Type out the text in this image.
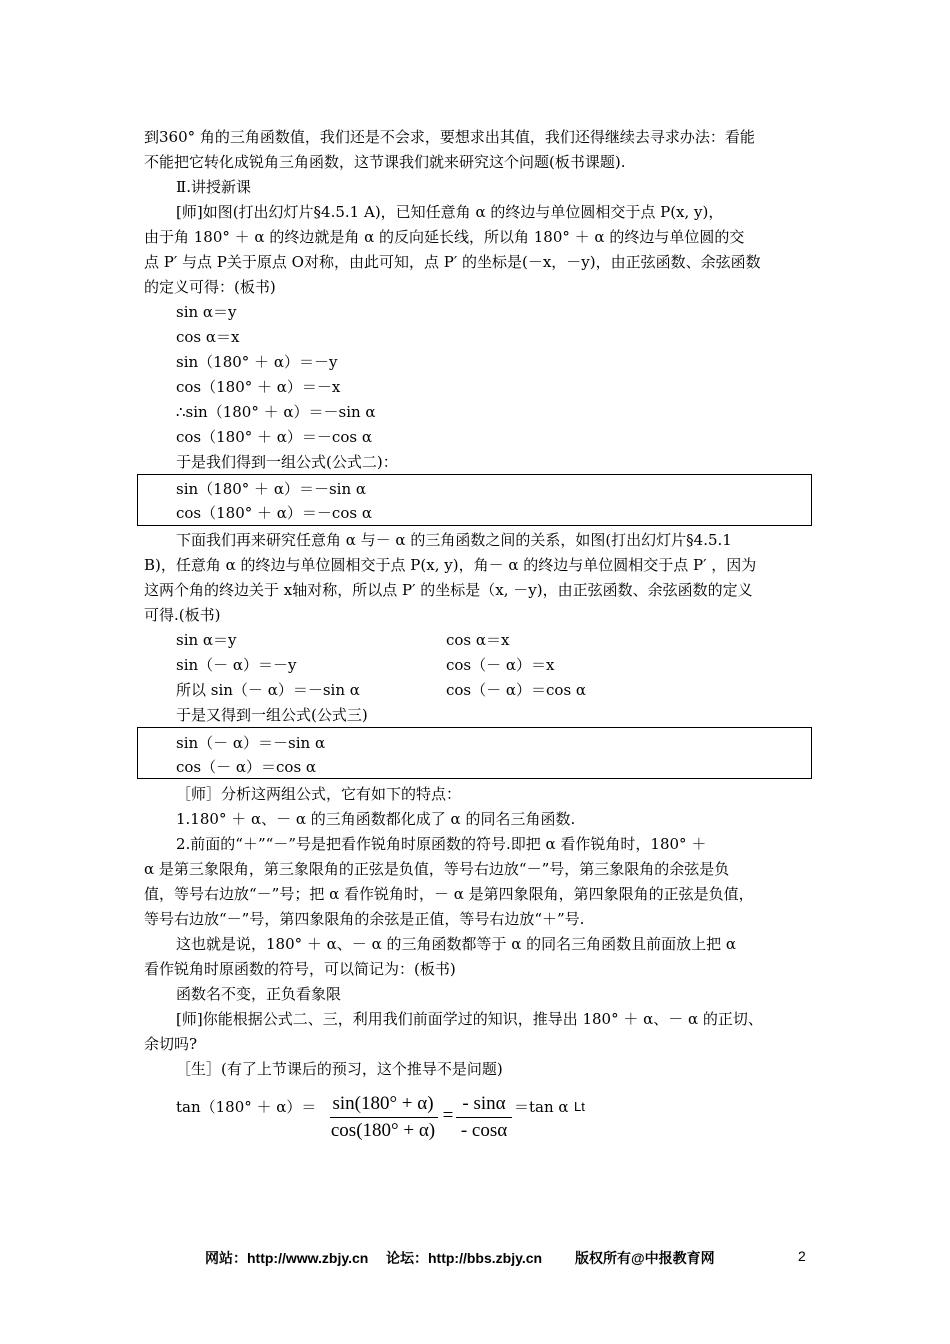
到360° 角的三角函数值，我们还是不会求，要想求出其值，我们还得继续去寻求办法：看能
不能把它转化成锐角三角函数，这节课我们就来研究这个问题(板书课题).
Ⅱ.讲授新课
[师]如图(打出幻灯片§4.5.1 A)，已知任意角 α 的终边与单位圆相交于点 P(x, y)，
由于角 180° ＋ α 的终边就是角 α 的反向延长线，所以角 180° ＋ α 的终边与单位圆的交
点 P′ 与点 P关于原点 O对称，由此可知，点 P′ 的坐标是(－x，－y)，由正弦函数、余弦函数
的定义可得：(板书)
sin α＝y
cos α＝x
sin（180° ＋ α）＝－y
cos（180° ＋ α）＝－x
∴sin（180° ＋ α）＝－sin α
cos（180° ＋ α）＝－cos α
于是我们得到一组公式(公式二)：
sin（180° ＋ α）＝－sin α
cos（180° ＋ α）＝－cos α
下面我们再来研究任意角 α 与－ α 的三角函数之间的关系，如图(打出幻灯片§4.5.1
B)，任意角 α 的终边与单位圆相交于点 P(x, y)，角－ α 的终边与单位圆相交于点 P′ ，因为
这两个角的终边关于 x轴对称，所以点 P′ 的坐标是（x, －y)，由正弦函数、余弦函数的定义
可得.(板书)
sin α＝y	cos α＝x
sin（－ α）＝－y	cos（－ α）＝x
所以 sin（－ α）＝－sin α	cos（－ α）＝cos α
于是又得到一组公式(公式三)
sin（－ α）＝－sin α
cos（－ α）＝cos α
［师］分析这两组公式，它有如下的特点：
1.180° ＋ α、－ α 的三角函数都化成了 α 的同名三角函数.
2.前面的“＋”“－”号是把看作锐角时原函数的符号.即把 α 看作锐角时，180° ＋
α 是第三象限角，第三象限角的正弦是负值，等号右边放“－”号，第三象限角的余弦是负
值，等号右边放“－”号；把 α 看作锐角时，－ α 是第四象限角，第四象限角的正弦是负值，
等号右边放“－”号，第四象限角的余弦是正值，等号右边放“＋”号.
这也就是说，180° ＋ α、－ α 的三角函数都等于 α 的同名三角函数且前面放上把 α
看作锐角时原函数的符号，可以简记为：(板书)
函数名不变，正负看象限
[师]你能根据公式二、三，利用我们前面学过的知识，推导出 180° ＋ α、－ α 的正切、
余切吗?
［生］(有了上节课后的预习，这个推导不是问题)
tan（180° ＋ α）＝ sin(180° + α)
cos(180° + α)
=
- sinα
- cosα
＝tan α Lt
网站：http://www.zbjy.cn 论坛：http://bbs.zbjy.cn 版权所有@中报教育网	2
